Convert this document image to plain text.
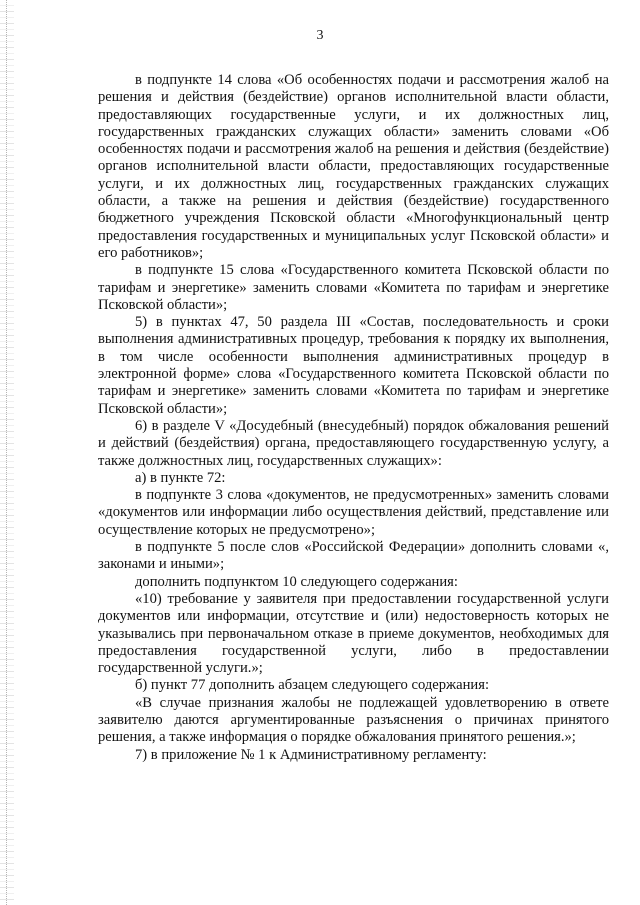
3

в подпункте 14 слова «Об особенностях подачи и рассмотрения жалоб на решения и действия (бездействие) органов исполнительной власти области, предоставляющих государственные услуги, и их должностных лиц, государственных гражданских служащих области» заменить словами «Об особенностях подачи и рассмотрения жалоб на решения и действия (бездействие) органов исполнительной власти области, предоставляющих государственные услуги, и их должностных лиц, государственных гражданских служащих области, а также на решения и действия (бездействие) государственного бюджетного учреждения Псковской области «Многофункциональный центр предоставления государственных и муниципальных услуг Псковской области» и его работников»;

в подпункте 15 слова «Государственного комитета Псковской области по тарифам и энергетике» заменить словами «Комитета по тарифам и энергетике Псковской области»;

5) в пунктах 47, 50 раздела III «Состав, последовательность и сроки выполнения административных процедур, требования к порядку их выполнения, в том числе особенности выполнения административных процедур в электронной форме» слова «Государственного комитета Псковской области по тарифам и энергетике» заменить словами «Комитета по тарифам и энергетике Псковской области»;

6) в разделе V «Досудебный (внесудебный) порядок обжалования решений и действий (бездействия) органа, предоставляющего государственную услугу, а также должностных лиц, государственных служащих»:

а) в пункте 72:

в подпункте 3 слова «документов, не предусмотренных» заменить словами «документов или информации либо осуществления действий, представление или осуществление которых не предусмотрено»;

в подпункте 5 после слов «Российской Федерации» дополнить словами «, законами и иными»;

дополнить подпунктом 10 следующего содержания:

«10) требование у заявителя при предоставлении государственной услуги документов или информации, отсутствие и (или) недостоверность которых не указывались при первоначальном отказе в приеме документов, необходимых для предоставления государственной услуги, либо в предоставлении государственной услуги.»;

б) пункт 77 дополнить абзацем следующего содержания:

«В случае признания жалобы не подлежащей удовлетворению в ответе заявителю даются аргументированные разъяснения о причинах принятого решения, а также информация о порядке обжалования принятого решения.»;

7) в приложение № 1 к Административному регламенту:
